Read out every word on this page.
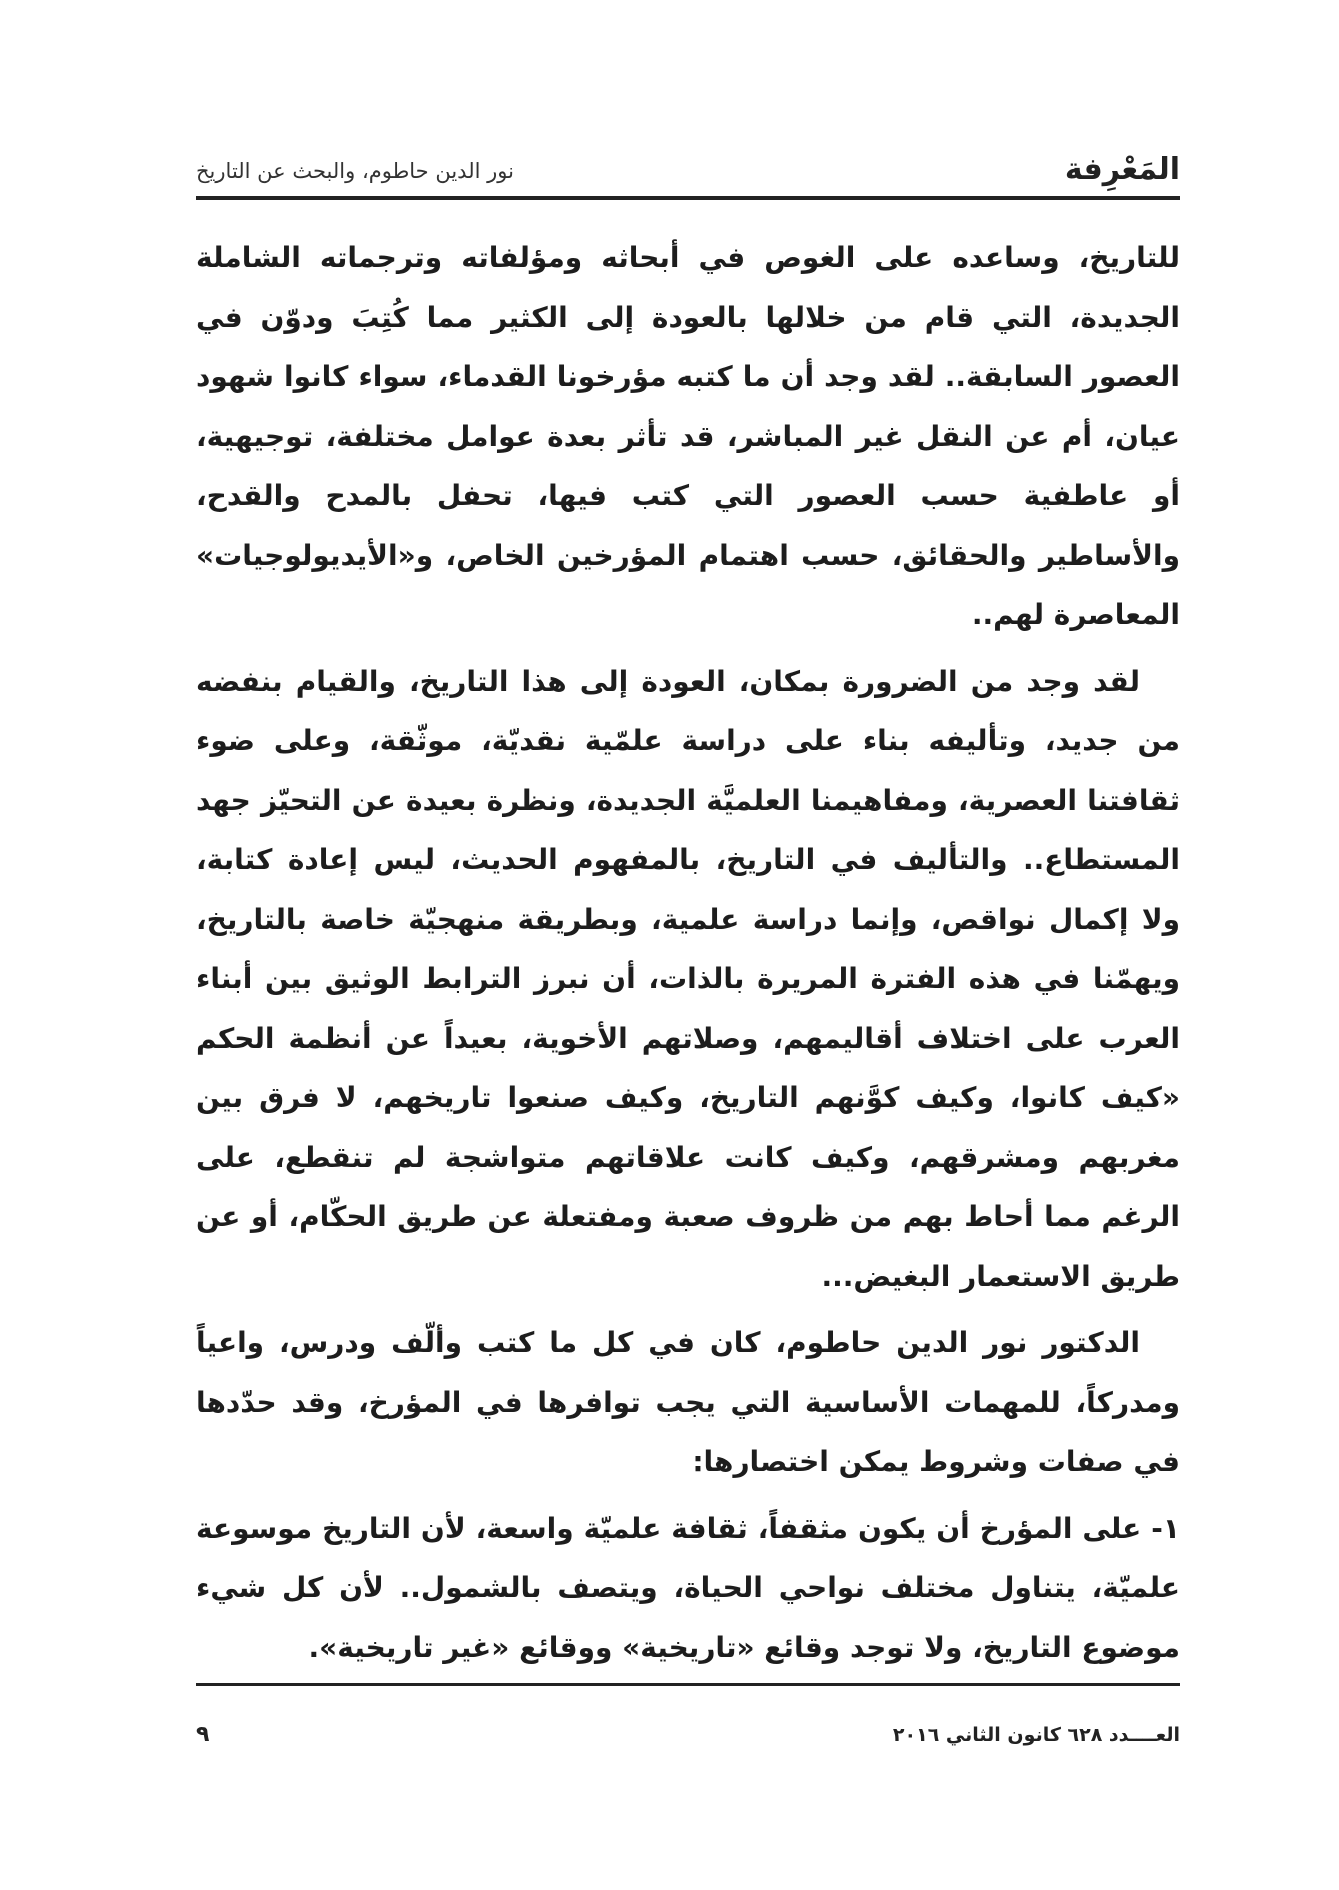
المَعْرِفة
نور الدين حاطوم، والبحث عن التاريخ

للتاريخ، وساعده على الغوص في أبحاثه ومؤلفاته وترجماته الشاملة الجديدة، التي قام من خلالها بالعودة إلى الكثير مما كُتِبَ ودوّن في العصور السابقة.. لقد وجد أن ما كتبه مؤرخونا القدماء، سواء كانوا شهود عيان، أم عن النقل غير المباشر، قد تأثر بعدة عوامل مختلفة، توجيهية، أو عاطفية حسب العصور التي كتب فيها، تحفل بالمدح والقدح، والأساطير والحقائق، حسب اهتمام المؤرخين الخاص، و«الأيديولوجيات» المعاصرة لهم..

لقد وجد من الضرورة بمكان، العودة إلى هذا التاريخ، والقيام بنفضه من جديد، وتأليفه بناء على دراسة علمّية نقديّة، موثّقة، وعلى ضوء ثقافتنا العصرية، ومفاهيمنا العلميَّة الجديدة، ونظرة بعيدة عن التحيّز جهد المستطاع.. والتأليف في التاريخ، بالمفهوم الحديث، ليس إعادة كتابة، ولا إكمال نواقص، وإنما دراسة علمية، وبطريقة منهجيّة خاصة بالتاريخ، ويهمّنا في هذه الفترة المريرة بالذات، أن نبرز الترابط الوثيق بين أبناء العرب على اختلاف أقاليمهم، وصلاتهم الأخوية، بعيداً عن أنظمة الحكم «كيف كانوا، وكيف كوَّنهم التاريخ، وكيف صنعوا تاريخهم، لا فرق بين مغربهم ومشرقهم، وكيف كانت علاقاتهم متواشجة لم تنقطع، على الرغم مما أحاط بهم من ظروف صعبة ومفتعلة عن طريق الحكّام، أو عن طريق الاستعمار البغيض...

الدكتور نور الدين حاطوم، كان في كل ما كتب وألّف ودرس، واعياً ومدركاً، للمهمات الأساسية التي يجب توافرها في المؤرخ، وقد حدّدها في صفات وشروط يمكن اختصارها:

١- على المؤرخ أن يكون مثقفاً، ثقافة علميّة واسعة، لأن التاريخ موسوعة علميّة، يتناول مختلف نواحي الحياة، ويتصف بالشمول.. لأن كل شيء موضوع التاريخ، ولا توجد وقائع «تاريخية» ووقائع «غير تاريخية».

العــــدد ٦٢٨ كانون الثاني ٢٠١٦
٩
